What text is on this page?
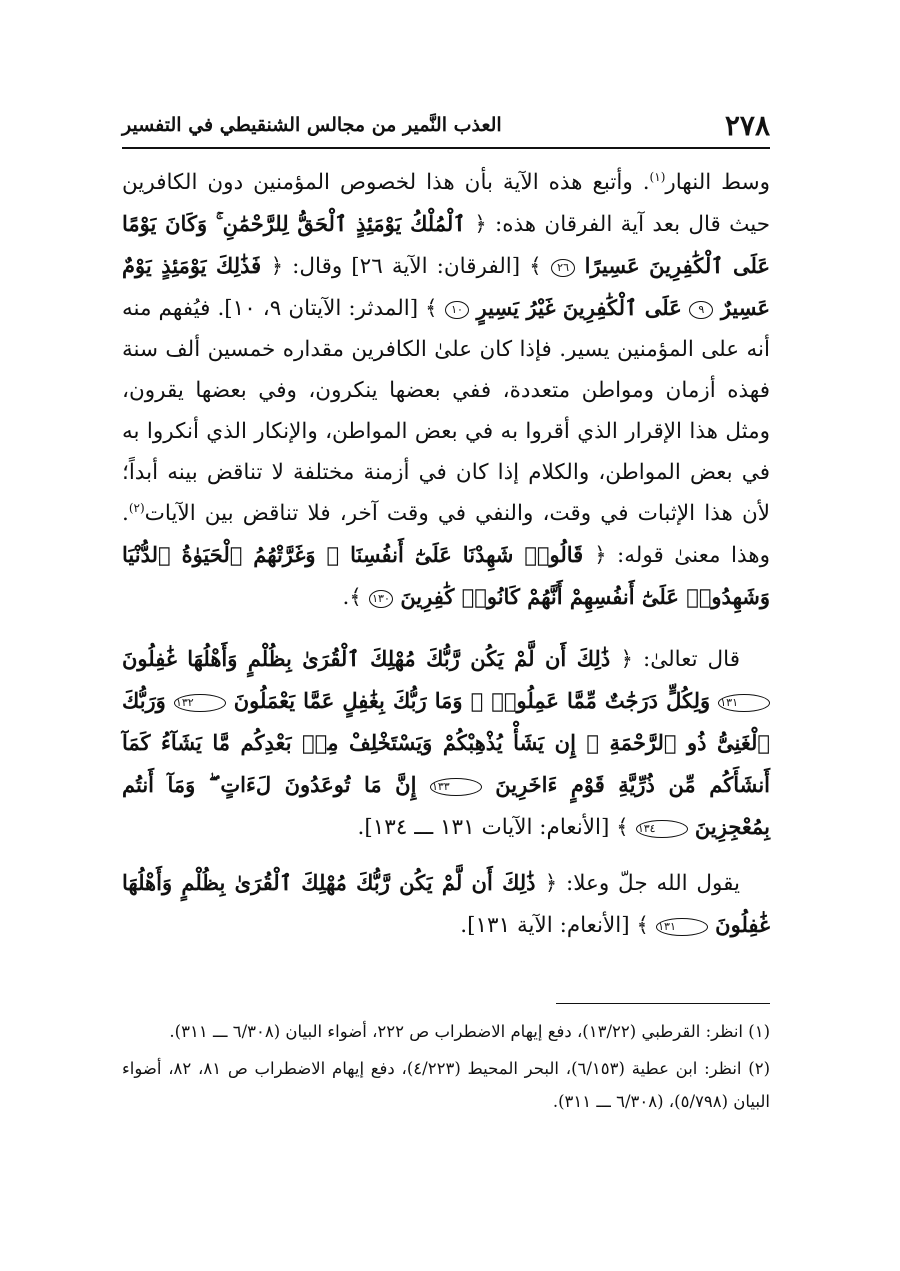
٢٧٨
العذب النَّمير من مجالس الشنقيطي في التفسير

وسط النهار$^{(١)}$. وأتبع هذه الآية بأن هذا لخصوص المؤمنين دون الكافرين حيث قال بعد آية الفرقان هذه: ﴿ ٱلْمُلْكُ يَوْمَئِذٍ ٱلْحَقُّ لِلرَّحْمَٰنِ ۚ وَكَانَ يَوْمًا عَلَى ٱلْكَٰفِرِينَ عَسِيرًا ٢٦ ﴾ [الفرقان: الآية ٢٦] وقال: ﴿ فَذَٰلِكَ يَوْمَئِذٍ يَوْمٌ عَسِيرٌ ٩ عَلَى ٱلْكَٰفِرِينَ غَيْرُ يَسِيرٍ ١٠ ﴾ [المدثر: الآيتان ٩، ١٠]. فيُفهم منه أنه على المؤمنين يسير. فإذا كان علىٰ الكافرين مقداره خمسين ألف سنة فهذه أزمان ومواطن متعددة، ففي بعضها ينكرون، وفي بعضها يقرون، ومثل هذا الإقرار الذي أقروا به في بعض المواطن، والإنكار الذي أنكروا به في بعض المواطن، والكلام إذا كان في أزمنة مختلفة لا تناقض بينه أبداً؛ لأن هذا الإثبات في وقت، والنفي في وقت آخر، فلا تناقض بين الآيات$^{(٢)}$. وهذا معنىٰ قوله: ﴿ قَالُوا۟ شَهِدْنَا عَلَىٰٓ أَنفُسِنَا ۖ وَغَرَّتْهُمُ ٱلْحَيَوٰةُ ٱلدُّنْيَا وَشَهِدُوا۟ عَلَىٰٓ أَنفُسِهِمْ أَنَّهُمْ كَانُوا۟ كَٰفِرِينَ ١٣٠ ﴾.

قال تعالىٰ: ﴿ ذَٰلِكَ أَن لَّمْ يَكُن رَّبُّكَ مُهْلِكَ ٱلْقُرَىٰ بِظُلْمٍ وَأَهْلُهَا غَٰفِلُونَ ١٣١ وَلِكُلٍّ دَرَجَٰتٌ مِّمَّا عَمِلُوا۟ ۚ وَمَا رَبُّكَ بِغَٰفِلٍ عَمَّا يَعْمَلُونَ ١٣٢ وَرَبُّكَ ٱلْغَنِىُّ ذُو ٱلرَّحْمَةِ ۚ إِن يَشَأْ يُذْهِبْكُمْ وَيَسْتَخْلِفْ مِنۢ بَعْدِكُم مَّا يَشَآءُ كَمَآ أَنشَأَكُم مِّن ذُرِّيَّةِ قَوْمٍ ءَاخَرِينَ ١٣٣ إِنَّ مَا تُوعَدُونَ لَءَاتٍ ۖ وَمَآ أَنتُم بِمُعْجِزِينَ ١٣٤ ﴾ [الأنعام: الآيات ١٣١ ـــ ١٣٤].

يقول الله جلّ وعلا: ﴿ ذَٰلِكَ أَن لَّمْ يَكُن رَّبُّكَ مُهْلِكَ ٱلْقُرَىٰ بِظُلْمٍ وَأَهْلُهَا غَٰفِلُونَ ١٣١ ﴾ [الأنعام: الآية ١٣١].

(١) انظر: القرطبي (١٣/٢٢)، دفع إيهام الاضطراب ص ٢٢٢، أضواء البيان (٦/٣٠٨ ـــ ٣١١).

(٢) انظر: ابن عطية (٦/١٥٣)، البحر المحيط (٤/٢٢٣)، دفع إيهام الاضطراب ص ٨١، ٨٢، أضواء البيان (٥/٧٩٨)، (٦/٣٠٨ ـــ ٣١١).
